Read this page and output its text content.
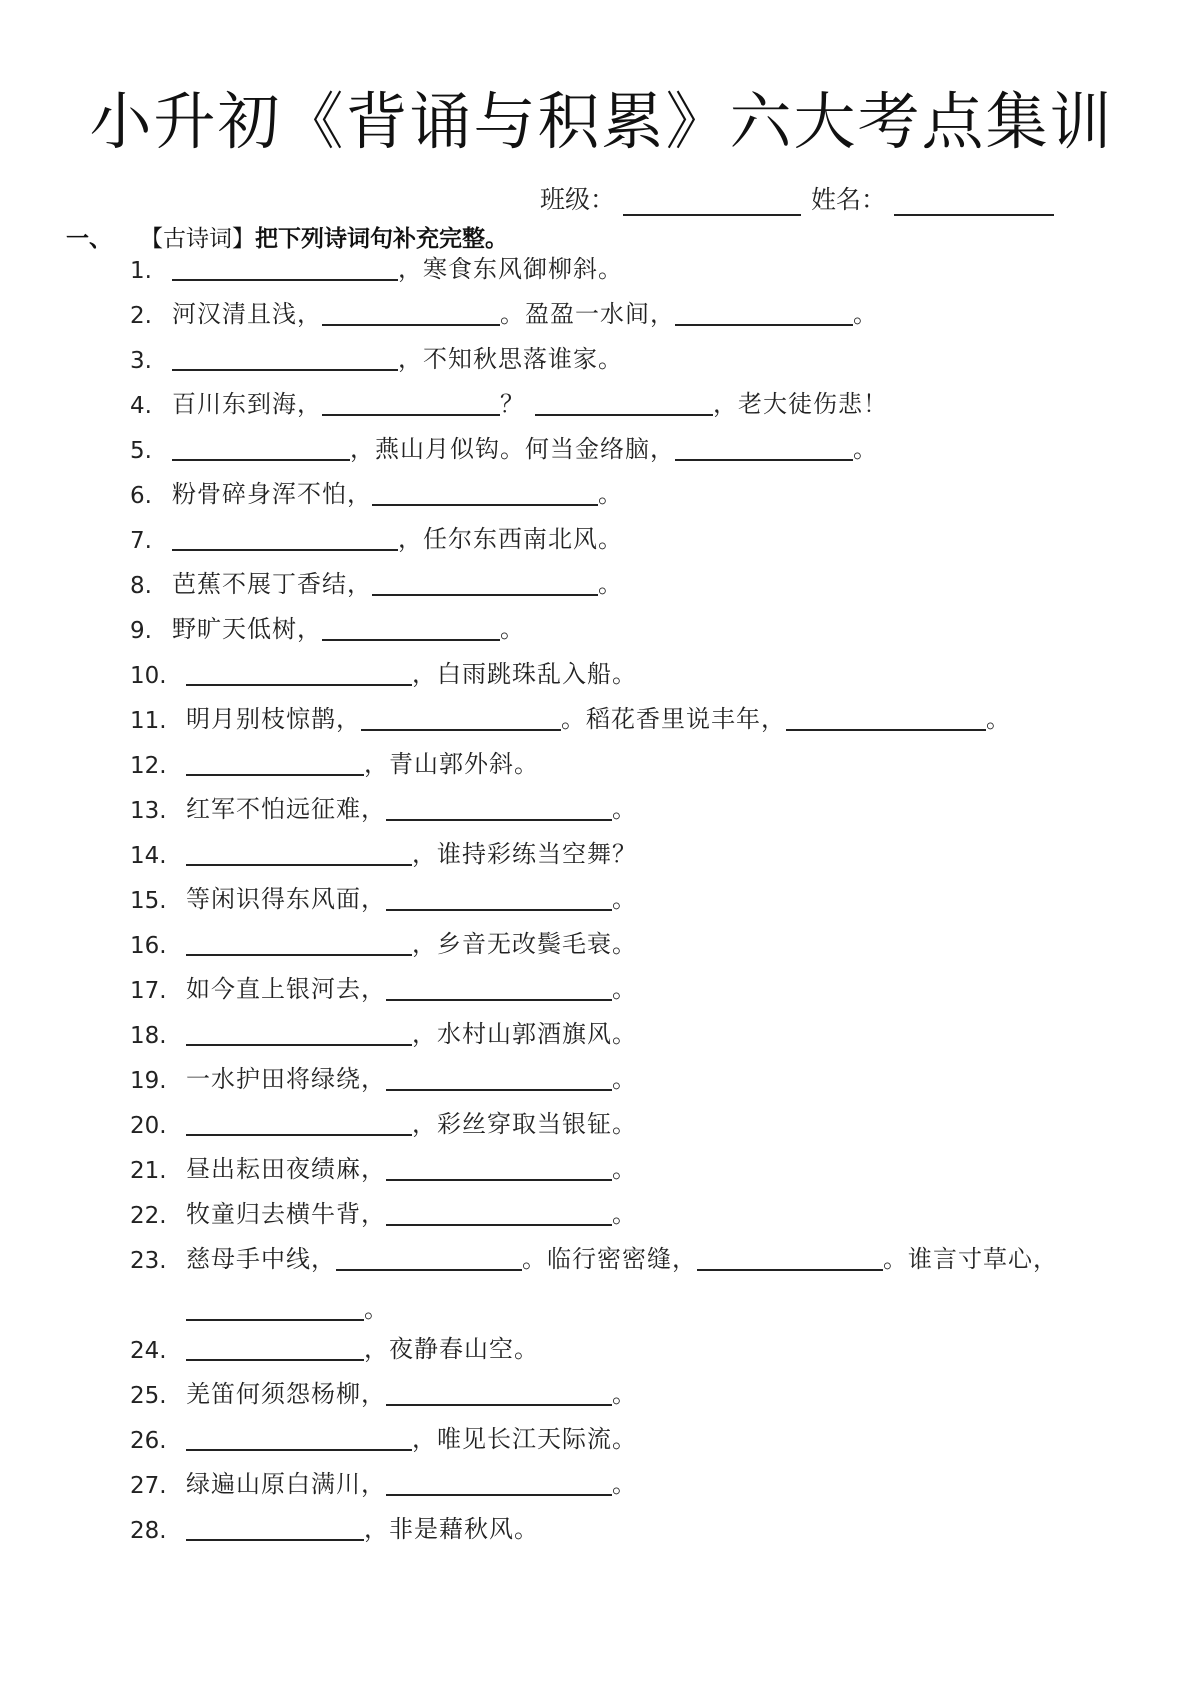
小升初《背诵与积累》六大考点集训
班级：	姓名：
一、 【古诗词】 把下列诗词句补充完整。
1.	，寒食东风御柳斜。
2. 河汉清且浅，	。盈盈一水间，	。
3.	，不知秋思落谁家。
4. 百川东到海，	？	，老大徒伤悲！
5.	，燕山月似钩。何当金络脑，	。
6. 粉骨碎身浑不怕，	。
7.	，任尔东西南北风。
8. 芭蕉不展丁香结，	。
9. 野旷天低树，	。
10.	，白雨跳珠乱入船。
11. 明月别枝惊鹊，	。稻花香里说丰年，	。
12.	，青山郭外斜。
13. 红军不怕远征难，	。
14.	，谁持彩练当空舞？
15. 等闲识得东风面，	。
16.	，乡音无改鬓毛衰。
17. 如今直上银河去，	。
18.	，水村山郭酒旗风。
19. 一水护田将绿绕，	。
20.	，彩丝穿取当银钲。
21. 昼出耘田夜绩麻，	。
22. 牧童归去横牛背，	。
23. 慈母手中线，	。临行密密缝，	。谁言寸草心，
。
24.	，夜静春山空。
25. 羌笛何须怨杨柳，	。
26.	，唯见长江天际流。
27. 绿遍山原白满川，	。
28.	，非是藉秋风。
